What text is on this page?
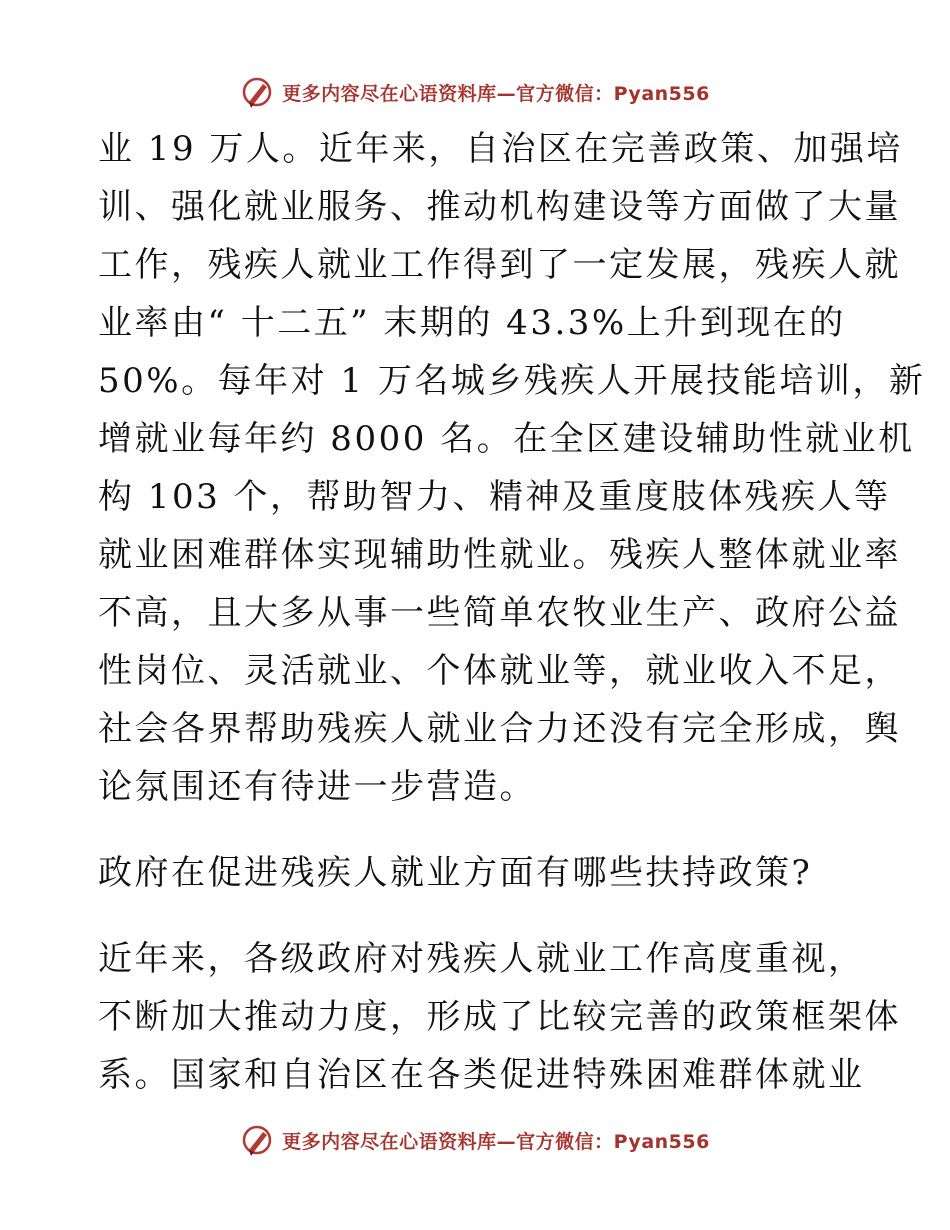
更多内容尽在心语资料库—官方微信：Pyan556
业 19 万人。近年来，自治区在完善政策、加强培
训、强化就业服务、推动机构建设等方面做了大量
工作，残疾人就业工作得到了一定发展，残疾人就
业率由“ 十二五” 末期的 43.3%上升到现在的
50%。每年对 1 万名城乡残疾人开展技能培训，新
增就业每年约 8000 名。在全区建设辅助性就业机
构 103 个，帮助智力、精神及重度肢体残疾人等
就业困难群体实现辅助性就业。残疾人整体就业率
不高，且大多从事一些简单农牧业生产、政府公益
性岗位、灵活就业、个体就业等，就业收入不足，
社会各界帮助残疾人就业合力还没有完全形成，舆
论氛围还有待进一步营造。
政府在促进残疾人就业方面有哪些扶持政策?
近年来，各级政府对残疾人就业工作高度重视，
不断加大推动力度，形成了比较完善的政策框架体
系。国家和自治区在各类促进特殊困难群体就业
更多内容尽在心语资料库—官方微信：Pyan556
